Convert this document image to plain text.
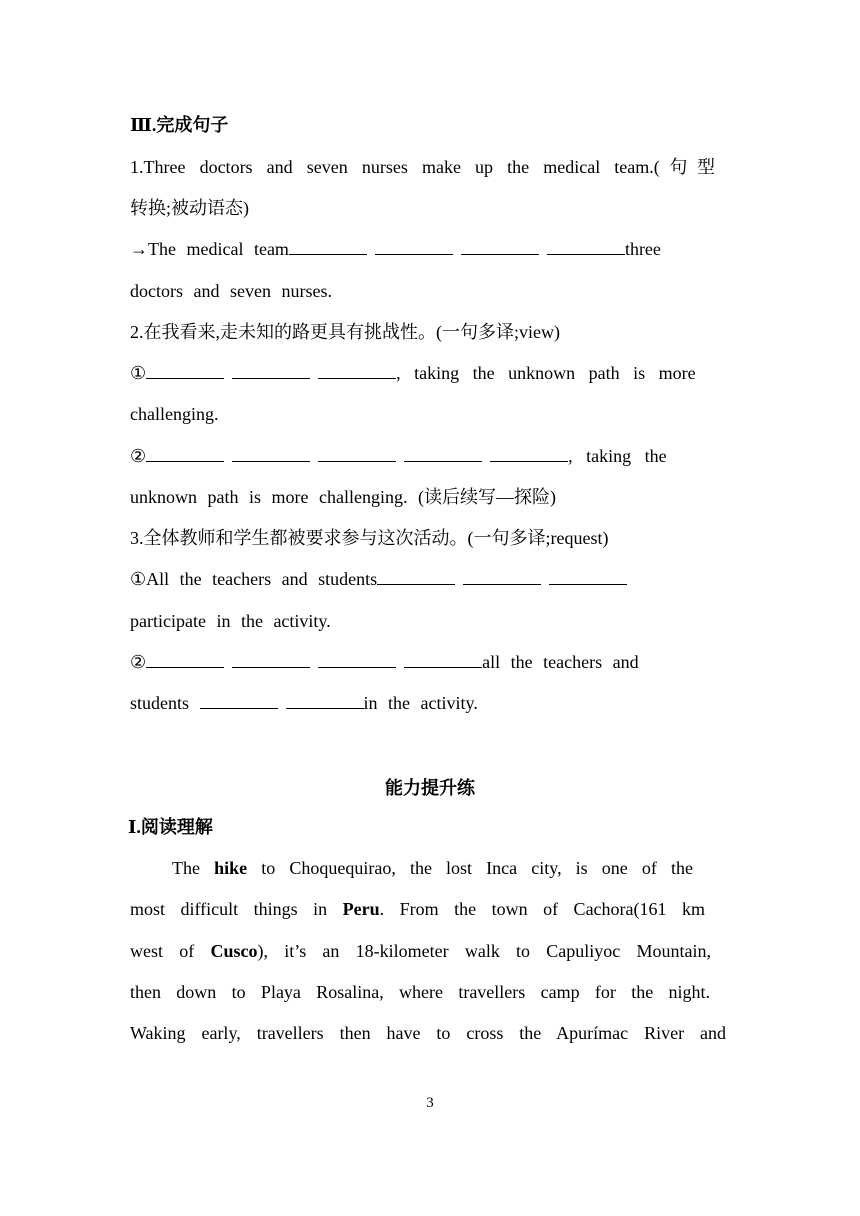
Ⅲ.完成句子
1.Three doctors and seven nurses make up the medical team.(句型
转换;被动语态)
→The medical team	three
doctors and seven nurses.
2.在我看来,走未知的路更具有挑战性。(一句多译;view)
①	, taking the unknown path is more
challenging.
②	, taking the
unknown path is more challenging. (读后续写—探险)
3.全体教师和学生都被要求参与这次活动。(一句多译;request)
①All the teachers and students
participate in the activity.
②	all the teachers and
students	in the activity.
能力提升练
Ⅰ.阅读理解
The hike to Choquequirao, the lost Inca city, is one of the
most difficult things in Peru. From the town of Cachora(161 km
west of Cusco), it’s an 18-kilometer walk to Capuliyoc Mountain,
then down to Playa Rosalina, where travellers camp for the night.
Waking early, travellers then have to cross the Apurímac River and
3
